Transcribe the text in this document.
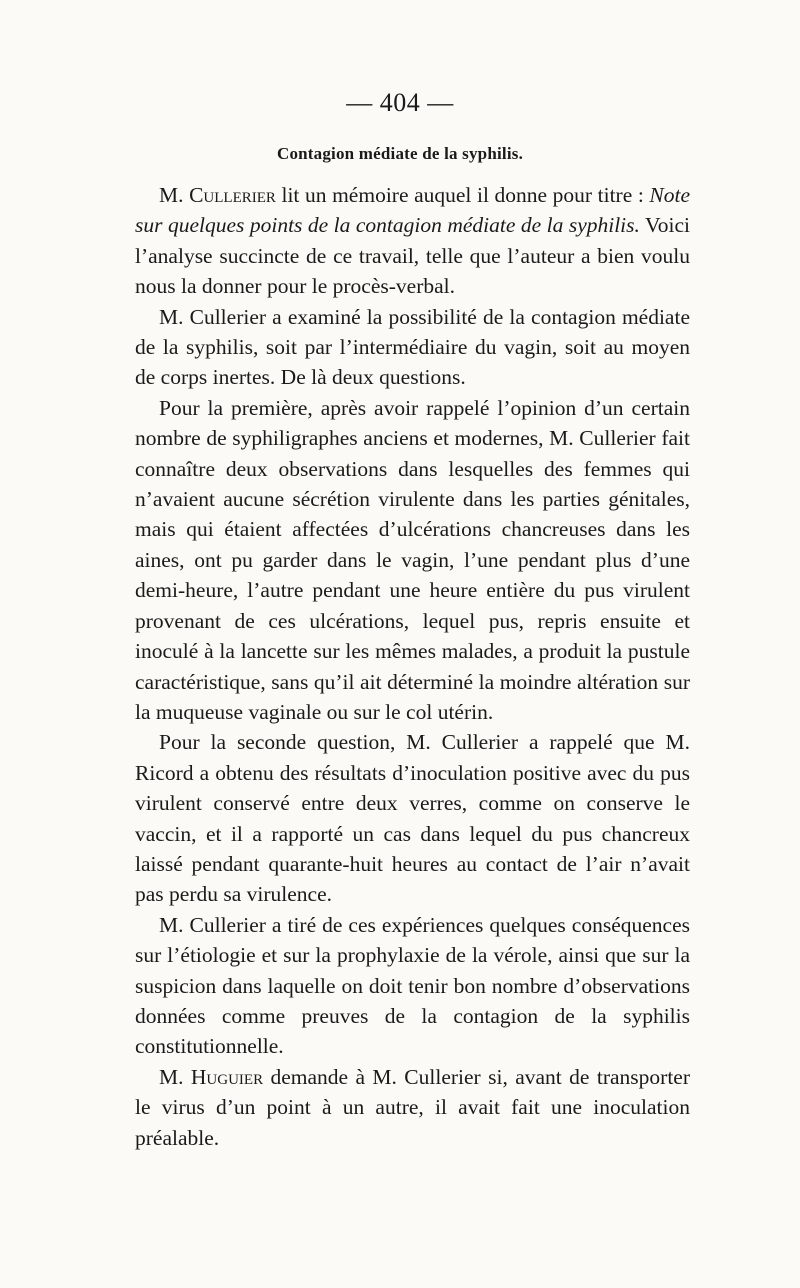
— 404 —
Contagion médiate de la syphilis.

M. Cullerier lit un mémoire auquel il donne pour titre : Note sur quelques points de la contagion médiate de la syphilis. Voici l’analyse succincte de ce travail, telle que l’auteur a bien voulu nous la donner pour le procès-verbal.

M. Cullerier a examiné la possibilité de la contagion médiate de la syphilis, soit par l’intermédiaire du vagin, soit au moyen de corps inertes. De là deux questions.

Pour la première, après avoir rappelé l’opinion d’un certain nombre de syphiligraphes anciens et modernes, M. Cullerier fait connaître deux observations dans lesquelles des femmes qui n’avaient aucune sécrétion virulente dans les parties génitales, mais qui étaient affectées d’ulcérations chancreuses dans les aines, ont pu garder dans le vagin, l’une pendant plus d’une demi-heure, l’autre pendant une heure entière du pus virulent provenant de ces ulcérations, lequel pus, repris ensuite et inoculé à la lancette sur les mêmes malades, a produit la pustule caractéristique, sans qu’il ait déterminé la moindre altération sur la muqueuse vaginale ou sur le col utérin.

Pour la seconde question, M. Cullerier a rappelé que M. Ricord a obtenu des résultats d’inoculation positive avec du pus virulent conservé entre deux verres, comme on conserve le vaccin, et il a rapporté un cas dans lequel du pus chancreux laissé pendant quarante-huit heures au contact de l’air n’avait pas perdu sa virulence.

M. Cullerier a tiré de ces expériences quelques conséquences sur l’étiologie et sur la prophylaxie de la vérole, ainsi que sur la suspicion dans laquelle on doit tenir bon nombre d’observations données comme preuves de la contagion de la syphilis constitutionnelle.

M. Huguier demande à M. Cullerier si, avant de transporter le virus d’un point à un autre, il avait fait une inoculation préalable.
